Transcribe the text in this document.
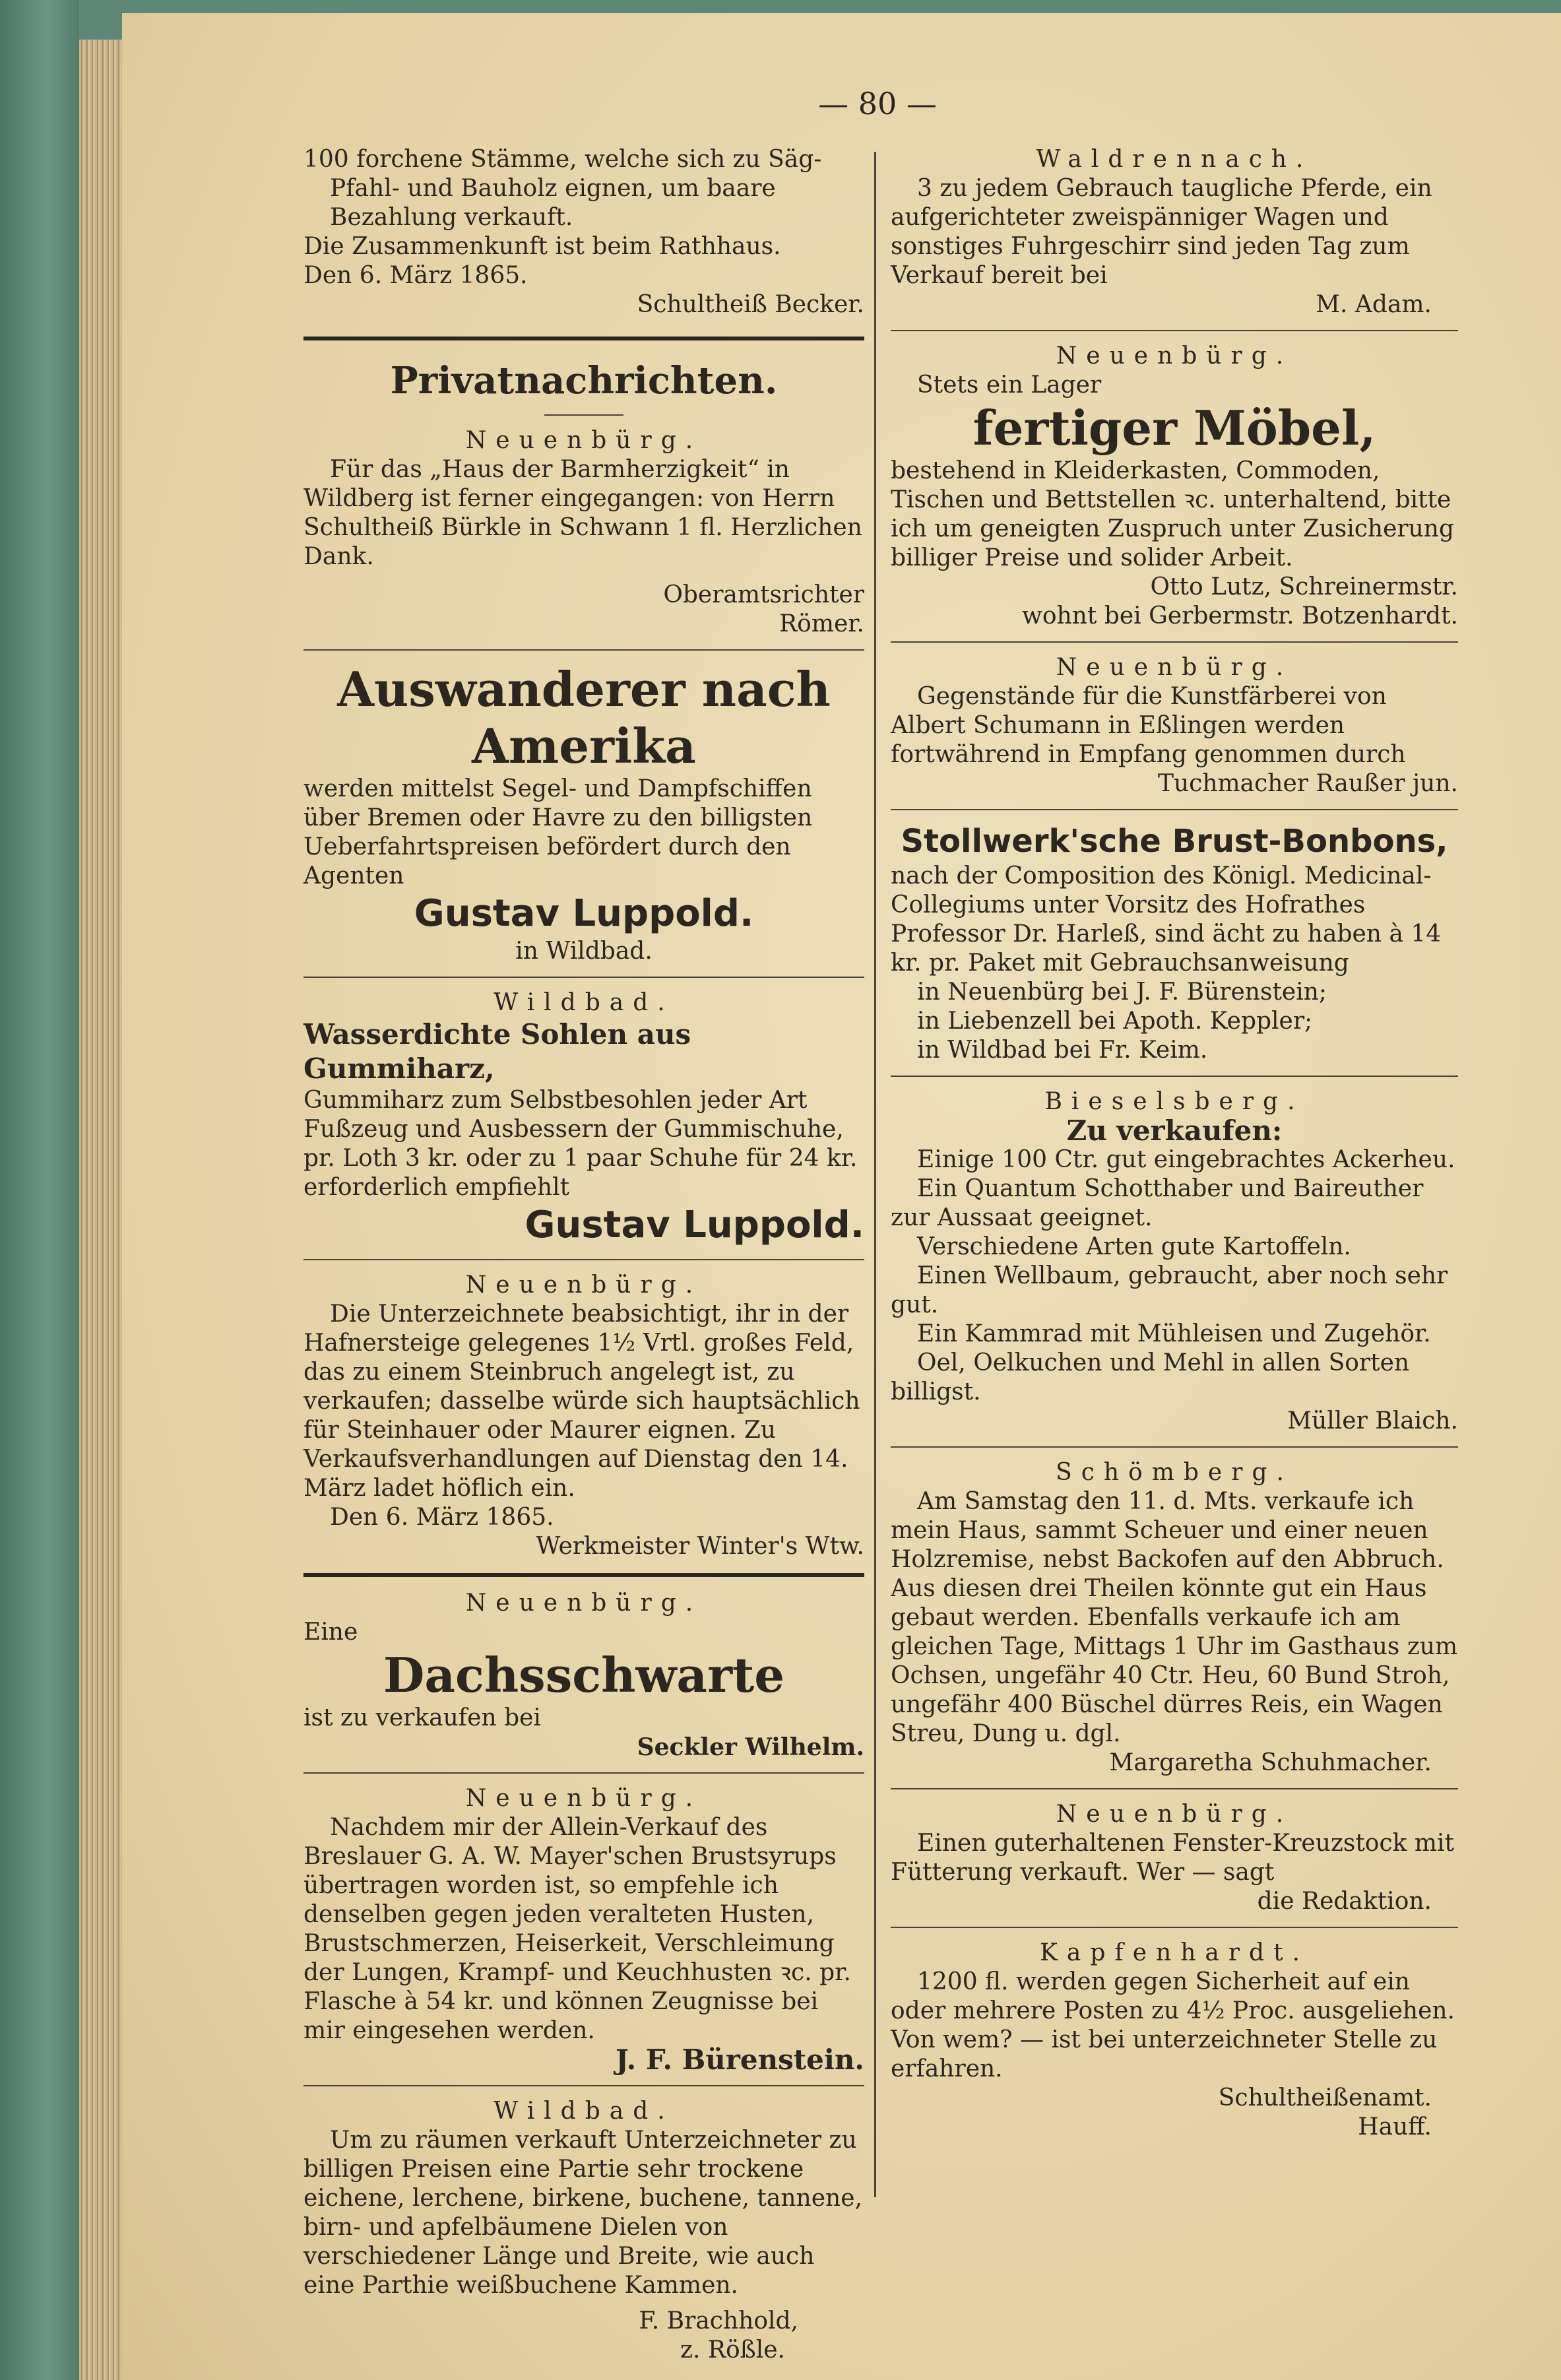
— 80 —

100 forchene Stämme, welche sich zu Säg-

Pfahl- und Bauholz eignen, um baare

Bezahlung verkauft.

Die Zusammenkunft ist beim Rathhaus.

Den 6. März 1865.

Schultheiß Becker.

Privatnachrichten.

Neuenbürg.

Für das „Haus der Barmherzigkeit“ in Wildberg ist ferner eingegangen: von Herrn Schultheiß Bürkle in Schwann 1 fl. Herzlichen Dank.

Oberamtsrichter

Römer.

Auswanderer nach Amerika

werden mittelst Segel- und Dampfschiffen über Bremen oder Havre zu den billigsten Ueberfahrtspreisen befördert durch den Agenten

Gustav Luppold.

in Wildbad.

Wildbad.

Wasserdichte Sohlen aus Gummiharz,

Gummiharz zum Selbstbesohlen jeder Art Fußzeug und Ausbessern der Gummischuhe, pr. Loth 3 kr. oder zu 1 paar Schuhe für 24 kr. erforderlich empfiehlt

Gustav Luppold.

Neuenbürg.

Die Unterzeichnete beabsichtigt, ihr in der Hafnersteige gelegenes 1½ Vrtl. großes Feld, das zu einem Steinbruch angelegt ist, zu verkaufen; dasselbe würde sich hauptsächlich für Steinhauer oder Maurer eignen. Zu Verkaufsverhandlungen auf Dienstag den 14. März ladet höflich ein.

Den 6. März 1865.

Werkmeister Winter's Wtw.

Neuenbürg.

Eine

Dachsschwarte

ist zu verkaufen bei

Seckler Wilhelm.

Neuenbürg.

Nachdem mir der Allein-Verkauf des Breslauer G. A. W. Mayer'schen Brustsyrups übertragen worden ist, so empfehle ich denselben gegen jeden veralteten Husten, Brustschmerzen, Heiserkeit, Verschleimung der Lungen, Krampf- und Keuchhusten ꝛc. pr. Flasche à 54 kr. und können Zeugnisse bei mir eingesehen werden.

J. F. Bürenstein.

Wildbad.

Um zu räumen verkauft Unterzeichneter zu billigen Preisen eine Partie sehr trockene eichene, lerchene, birkene, buchene, tannene, birn- und apfelbäumene Dielen von verschiedener Länge und Breite, wie auch eine Parthie weißbuchene Kammen.

F. Brachhold,

z. Rößle.

Waldrennach.

3 zu jedem Gebrauch taugliche Pferde, ein aufgerichteter zweispänniger Wagen und sonstiges Fuhrgeschirr sind jeden Tag zum Verkauf bereit bei

M. Adam.

Neuenbürg.

Stets ein Lager

fertiger Möbel,

bestehend in Kleiderkasten, Commoden, Tischen und Bettstellen ꝛc. unterhaltend, bitte ich um geneigten Zuspruch unter Zusicherung billiger Preise und solider Arbeit.

Otto Lutz, Schreinermstr.

wohnt bei Gerbermstr. Botzenhardt.

Neuenbürg.

Gegenstände für die Kunstfärberei von Albert Schumann in Eßlingen werden fortwährend in Empfang genommen durch

Tuchmacher Raußer jun.

Stollwerk'sche Brust-Bonbons,

nach der Composition des Königl. Medicinal-Collegiums unter Vorsitz des Hofrathes Professor Dr. Harleß, sind ächt zu haben à 14 kr. pr. Paket mit Gebrauchsanweisung

in Neuenbürg bei J. F. Bürenstein;

in Liebenzell bei Apoth. Keppler;

in Wildbad bei Fr. Keim.

Bieselsberg.

Zu verkaufen:

Einige 100 Ctr. gut eingebrachtes Ackerheu.

Ein Quantum Schotthaber und Baireuther zur Aussaat geeignet.

Verschiedene Arten gute Kartoffeln.

Einen Wellbaum, gebraucht, aber noch sehr gut.

Ein Kammrad mit Mühleisen und Zugehör.

Oel, Oelkuchen und Mehl in allen Sorten billigst.

Müller Blaich.

Schömberg.

Am Samstag den 11. d. Mts. verkaufe ich mein Haus, sammt Scheuer und einer neuen Holzremise, nebst Backofen auf den Abbruch. Aus diesen drei Theilen könnte gut ein Haus gebaut werden. Ebenfalls verkaufe ich am gleichen Tage, Mittags 1 Uhr im Gasthaus zum Ochsen, ungefähr 40 Ctr. Heu, 60 Bund Stroh, ungefähr 400 Büschel dürres Reis, ein Wagen Streu, Dung u. dgl.

Margaretha Schuhmacher.

Neuenbürg.

Einen guterhaltenen Fenster-Kreuzstock mit Fütterung verkauft. Wer — sagt

die Redaktion.

Kapfenhardt.

1200 fl. werden gegen Sicherheit auf ein oder mehrere Posten zu 4½ Proc. ausgeliehen. Von wem? — ist bei unterzeichneter Stelle zu erfahren.

Schultheißenamt.

Hauff.
